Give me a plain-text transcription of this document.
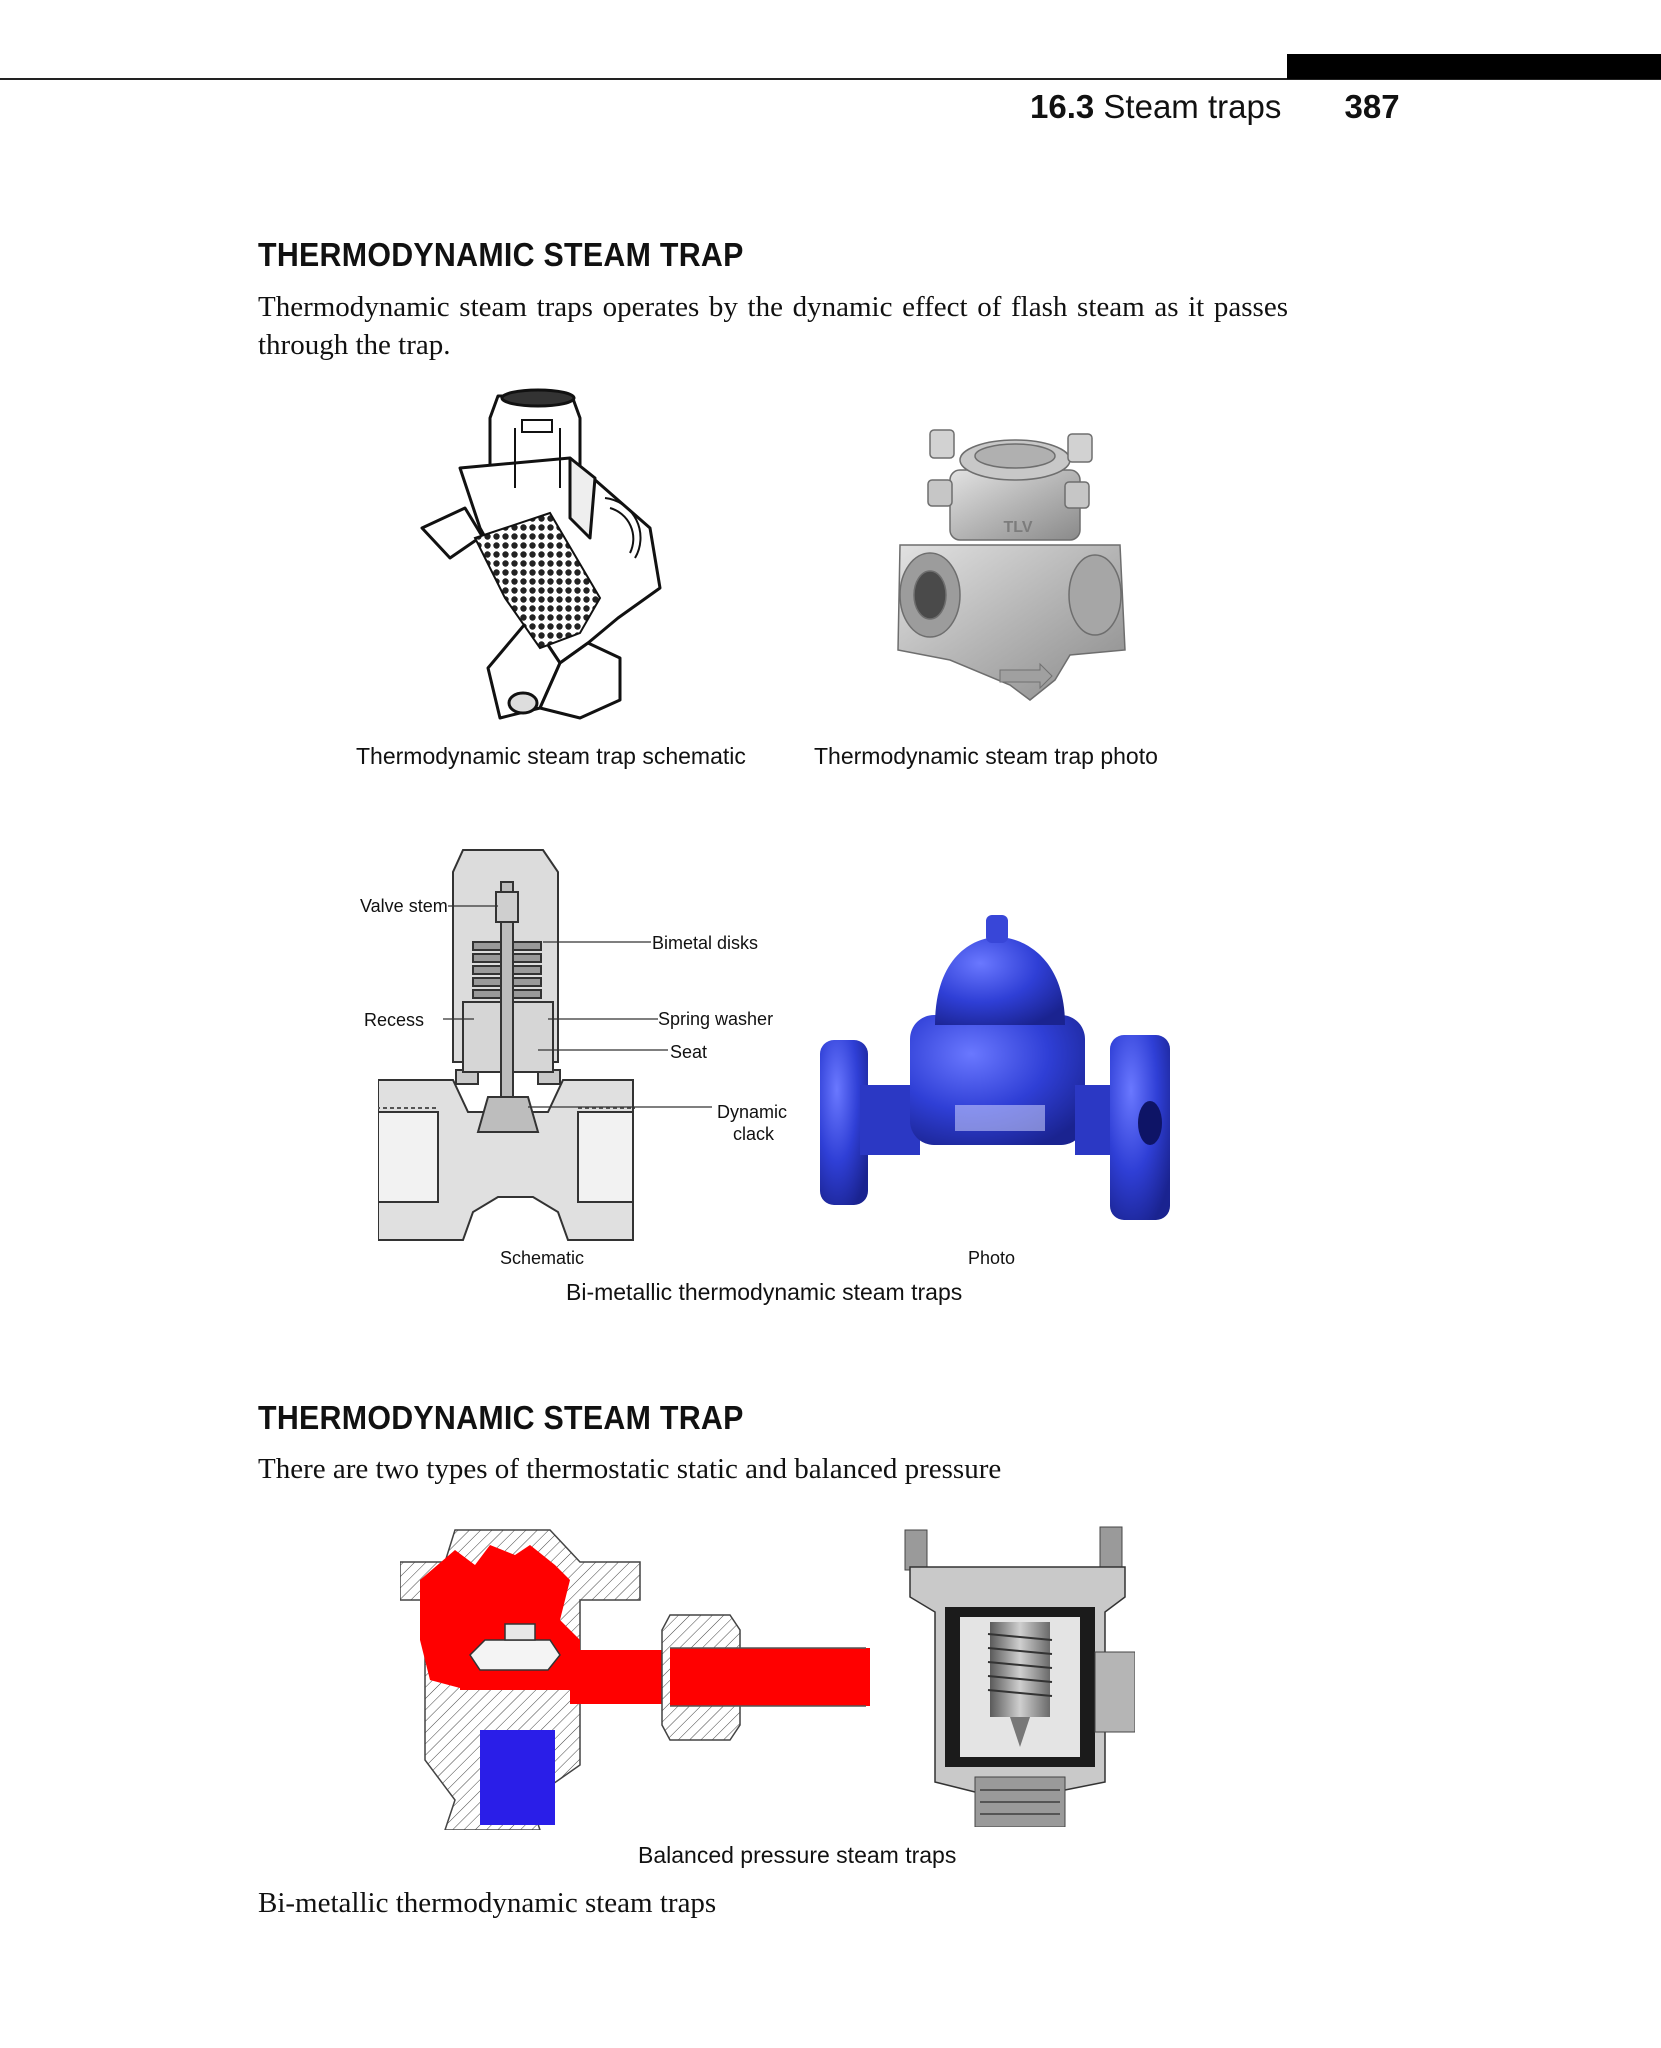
16.3 Steam traps 387
THERMODYNAMIC STEAM TRAP
Thermodynamic steam traps operates by the dynamic effect of flash steam as it passes through the trap.
TLV
Thermodynamic steam trap schematic	Thermodynamic steam trap photo
Valve stem
Bimetal disks
Recess	Spring washer
Seat
Dynamic
clack
Schematic	Photo
Bi-metallic thermodynamic steam traps
THERMODYNAMIC STEAM TRAP
There are two types of thermostatic static and balanced pressure
Balanced pressure steam traps
Bi-metallic thermodynamic steam traps
